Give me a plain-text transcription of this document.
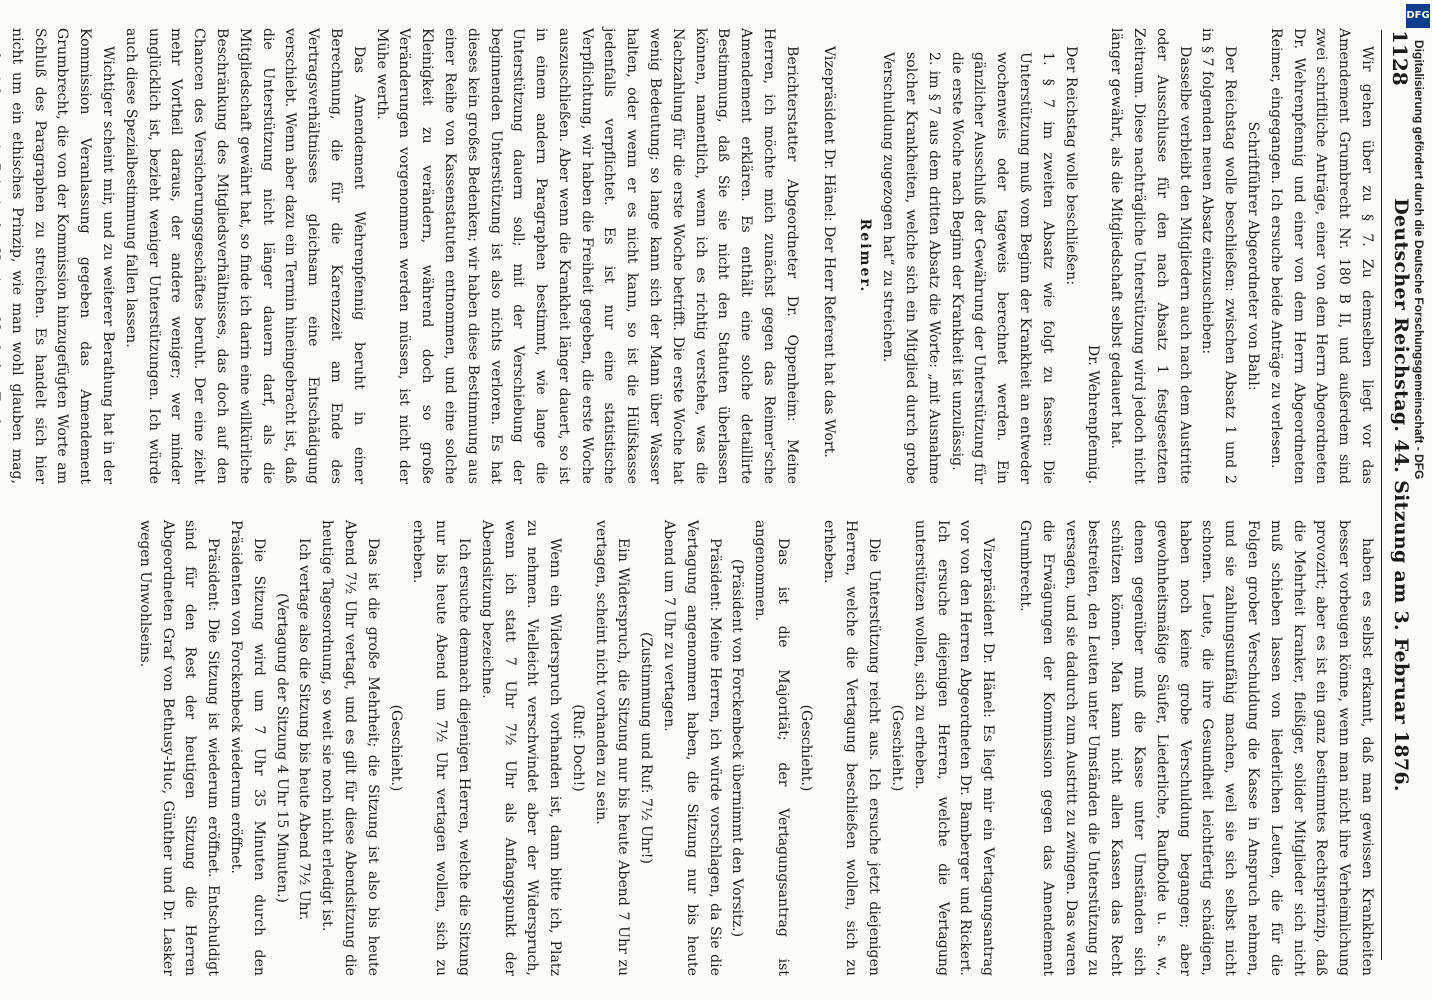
1128
Deutscher Reichstag. 44. Sitzung am 3. Februar 1876.

Wir gehen über zu § 7. Zu demselben liegt vor das Amendement Grumbrecht Nr. 180 B II, und außerdem sind zwei schriftliche Anträge, einer von dem Herrn Abgeordneten Dr. Wehrenpfennig und einer von dem Herrn Abgeordneten Reimer, eingegangen. Ich ersuche beide Anträge zu verlesen.

Schriftführer Abgeordneter von Bahl:

Der Reichstag wolle beschließen: zwischen Absatz 1 und 2 in § 7 folgenden neuen Absatz einzuschieben:

Dasselbe verbleibt den Mitgliedern auch nach dem Austritte oder Ausschlusse für den nach Absatz 1 festgesetzten Zeitraum. Diese nachträgliche Unterstützung wird jedoch nicht länger gewährt, als die Mitgliedschaft selbst gedauert hat.

Dr. Wehrenpfennig.

Der Reichstag wolle beschließen:

1. § 7 im zweiten Absatz wie folgt zu fassen: Die Unterstützung muß vom Beginn der Krankheit an entweder wochenweis oder tageweis berechnet werden. Ein gänzlicher Ausschluß der Gewährung der Unterstützung für die erste Woche nach Beginn der Krankheit ist unzulässig.

2. im § 7 aus dem dritten Absatz die Worte: „mit Ausnahme solcher Krankheiten, welche sich ein Mitglied durch grobe Verschuldung zugezogen hat“ zu streichen.

Reimer.

Vizepräsident Dr. Hänel: Der Herr Referent hat das Wort.

Berichterstatter Abgeordneter Dr. Oppenheim: Meine Herren, ich möchte mich zunächst gegen das Reimer'sche Amendement erklären. Es enthält eine solche detaillirte Bestimmung, daß Sie sie nicht den Statuten überlassen können, namentlich, wenn ich es richtig verstehe, was die Nachzahlung für die erste Woche betrifft. Die erste Woche hat wenig Bedeutung; so lange kann sich der Mann über Wasser halten, oder wenn er es nicht kann, so ist die Hülfskasse jedenfalls verpflichtet. Es ist nur eine statistische Verpflichtung, wir haben die Freiheit gegeben, die erste Woche auszuschließen. Aber wenn die Krankheit länger dauert, so ist in einem andern Paragraphen bestimmt, wie lange die Unterstützung dauern soll; mit der Verschiebung der beginnenden Unterstützung ist also nichts verloren. Es hat dieses kein großes Bedenken; wir haben diese Bestimmung aus einer Reihe von Kassenstatuten entnommen, und eine solche Kleinigkeit zu verändern, während doch so große Veränderungen vorgenommen werden müssen, ist nicht der Mühe werth.

Das Amendement Wehrenpfennig beruht in einer Berechnung, die für die Karenzzeit am Ende des Vertragsverhältnisses gleichsam eine Entschädigung verschiebt. Wenn aber dazu ein Termin hineingebracht ist, daß die Unterstützung nicht länger dauern darf, als die Mitgliedschaft gewährt hat, so finde ich darin eine willkürliche Beschränkung des Mitgliedsverhältnisses, das doch auf den Chancen des Versicherungsgeschäftes beruht. Der eine zieht mehr Vortheil daraus, der andere weniger; wer minder unglücklich ist, bezieht weniger Unterstützungen. Ich würde auch diese Spezialbestimmung fallen lassen.

Wichtiger scheint mir, und zu weiterer Berathung hat in der Kommission Veranlassung gegeben das Amendement Grumbrecht, die von der Kommission hinzugefügten Worte am Schluß des Paragraphen zu streichen. Es handelt sich hier nicht um ein ethisches Prinzip, wie man wohl glauben mag,

haben es selbst erkannt, daß man gewissen Krankheiten besser vorbeugen könne, wenn man nicht ihre Verheimlichung provozirt; aber es ist ein ganz bestimmtes Rechtsprinzip, daß die Mehrheit kranker, fleißiger, solider Mitglieder sich nicht muß schieben lassen von liederlichen Leuten, die für die Folgen grober Verschuldung die Kasse in Anspruch nehmen, und sie zahlungsunfähig machen, weil sie sich selbst nicht schonen. Leute, die ihre Gesundheit leichtfertig schädigen, haben noch keine grobe Verschuldung begangen; aber gewohnheitsmäßige Säufer, Liederliche, Raufbolde u. s. w., denen gegenüber muß die Kasse unter Umständen sich schützen können. Man kann nicht allen Kassen das Recht bestreiten, den Leuten unter Umständen die Unterstützung zu versagen, und sie dadurch zum Austritt zu zwingen. Das waren die Erwägungen der Kommission gegen das Amendement Grumbrecht.

Vizepräsident Dr. Hänel: Es liegt mir ein Vertagungsantrag vor von den Herren Abgeordneten Dr. Bamberger und Rickert. Ich ersuche diejenigen Herren, welche die Vertagung unterstützen wollen, sich zu erheben.

(Geschieht.)

Die Unterstützung reicht aus. Ich ersuche jetzt diejenigen Herren, welche die Vertagung beschließen wollen, sich zu erheben.

(Geschieht.)

Das ist die Majorität; der Vertagungsantrag ist angenommen.

(Präsident von Forckenbeck übernimmt den Vorsitz.)

Präsident: Meine Herren, ich würde vorschlagen, da Sie die Vertagung angenommen haben, die Sitzung nur bis heute Abend um 7 Uhr zu vertagen.

(Zustimmung und Ruf: 7½ Uhr!)

Ein Widerspruch, die Sitzung nur bis heute Abend 7 Uhr zu vertagen, scheint nicht vorhanden zu sein.

(Ruf: Doch!)

Wenn ein Widerspruch vorhanden ist, dann bitte ich, Platz zu nehmen. Vielleicht verschwindet aber der Widerspruch, wenn ich statt 7 Uhr 7½ Uhr als Anfangspunkt der Abendsitzung bezeichne.

Ich ersuche demnach diejenigen Herren, welche die Sitzung nur bis heute Abend um 7½ Uhr vertagen wollen, sich zu erheben.

(Geschieht.)

Das ist die große Mehrheit; die Sitzung ist also bis heute Abend 7½ Uhr vertagt, und es gilt für diese Abendsitzung die heutige Tagesordnung, so weit sie noch nicht erledigt ist.

Ich vertage also die Sitzung bis heute Abend 7½ Uhr.

(Vertagung der Sitzung 4 Uhr 15 Minuten.)

Die Sitzung wird um 7 Uhr 35 Minuten durch den Präsidenten von Forckenbeck wiederum eröffnet.

Präsident: Die Sitzung ist wiederum eröffnet. Entschuldigt sind für den Rest der heutigen Sitzung die Herren Abgeordneten Graf von Bethusy-Huc, Günther und Dr. Lasker wegen Unwohlseins.

DFG
Digitalisierung gefördert durch die Deutsche Forschungsgemeinschaft - DFG
